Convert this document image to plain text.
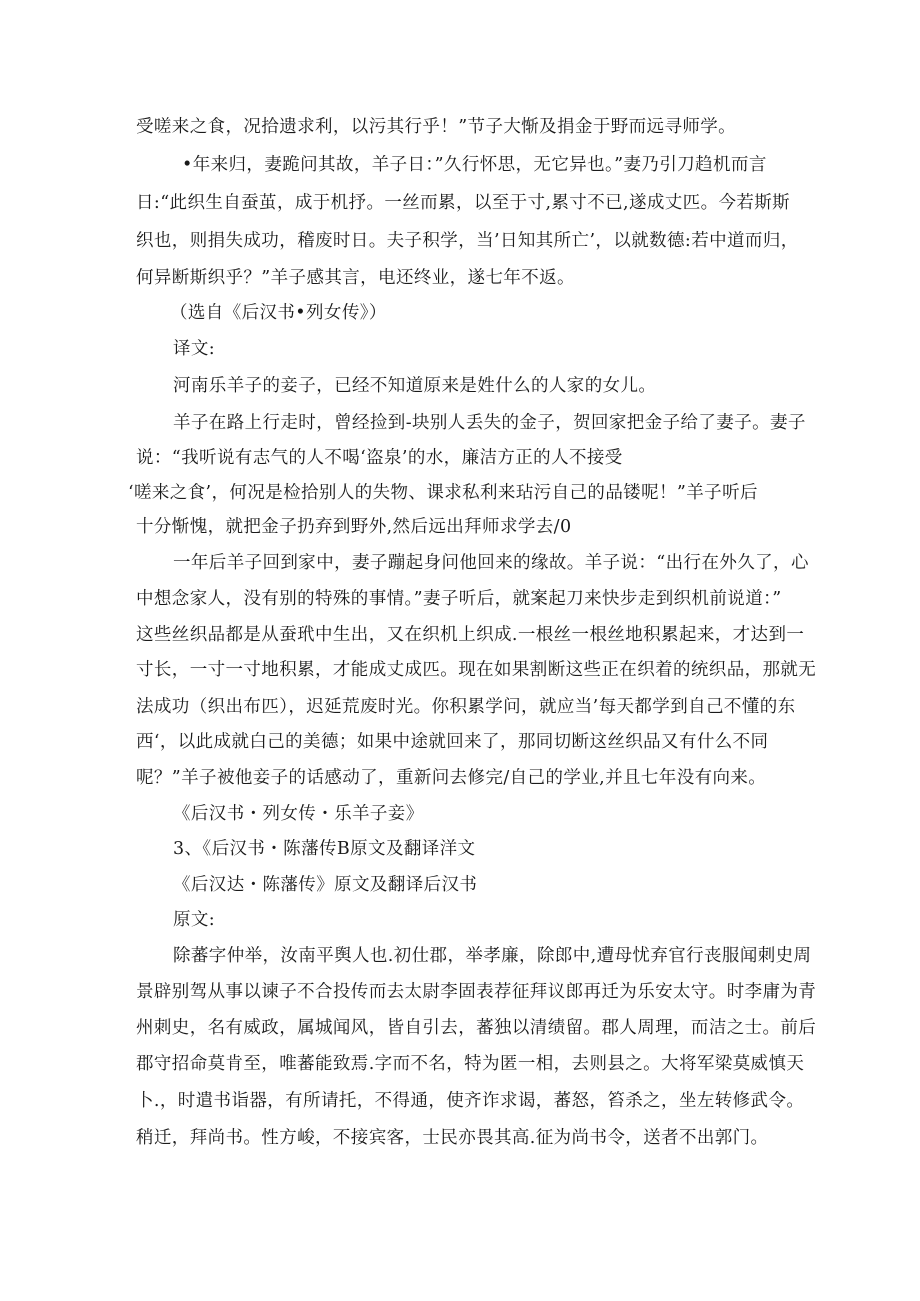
受嗟来之食，况拾遗求利，以污其行乎！”节子大惭及捐金于野而远寻师学。
•年来归，妻跪问其故，羊子日：”久行怀思，无它异也。”妻乃引刀趋机而言
日:“此织生自蚕茧，成于机抒。一丝而累，以至于寸,累寸不已,遂成丈匹。今若斯斯
织也，则捐失成功，稽废时日。夫子积学，当’日知其所亡’，以就数德:若中道而归，
何异断斯织乎？”羊子感其言，电还终业，遂七年不返。
（选自《后汉书•列女传》）
译文:
河南乐羊子的妾子，已经不知道原来是姓什么的人家的女儿。
羊子在路上行走时，曾经捡到-块别人丢失的金子，贺回家把金子给了妻子。妻子
说：“我听说有志气的人不喝‘盗泉’的水，廉洁方正的人不接受
‘嗟来之食’，何况是检拾别人的失物、课求私利来玷污自己的品镂呢！”羊子听后
十分惭愧，就把金子扔弃到野外,然后远出拜师求学去/0
一年后羊子回到家中，妻子蹦起身问他回来的缘故。羊子说：“出行在外久了，心
中想念家人，没有别的特殊的事情。”妻子听后，就案起刀来快步走到织机前说道：”
这些丝织品都是从蚕玳中生出，又在织机上织成.一根丝一根丝地积累起来，才达到一
寸长，一寸一寸地积累，才能成丈成匹。现在如果割断这些正在织着的统织品，那就无
法成功（织出布匹），迟延荒废时光。你积累学问，就应当’每天都学到自己不懂的东
西‘，以此成就白己的美德；如果中途就回来了，那同切断这丝织品又有什么不同
呢？”羊子被他妾子的话感动了，重新问去修完/自己的学业,并且七年没有向来。
《后汉书・列女传・乐羊子妾》
3、《后汉书・陈藩传B原文及翻译洋文
《后汉达・陈藩传》原文及翻译后汉书
原文:
除蕃字仲举，汝南平舆人也.初仕郡，举孝廉，除郎中,遭母忧弃官行丧服闻刺史周
景辟别驾从事以谏子不合投传而去太尉李固表荐征拜议郎再迁为乐安太守。时李庸为青
州刺史，名有威政，属城闻风，皆自引去，蕃独以清绩留。郡人周理，而洁之士。前后
郡守招命莫肯至，唯蕃能致焉.字而不名，特为匿一相，去则县之。大将军梁莫威慎天
卜.，时遣书诣器，有所请托，不得通，使齐诈求谒，蕃怒，笞杀之，坐左转修武令。
稍迁，拜尚书。性方峻，不接宾客，士民亦畏其高.征为尚书令，送者不出郭门。
